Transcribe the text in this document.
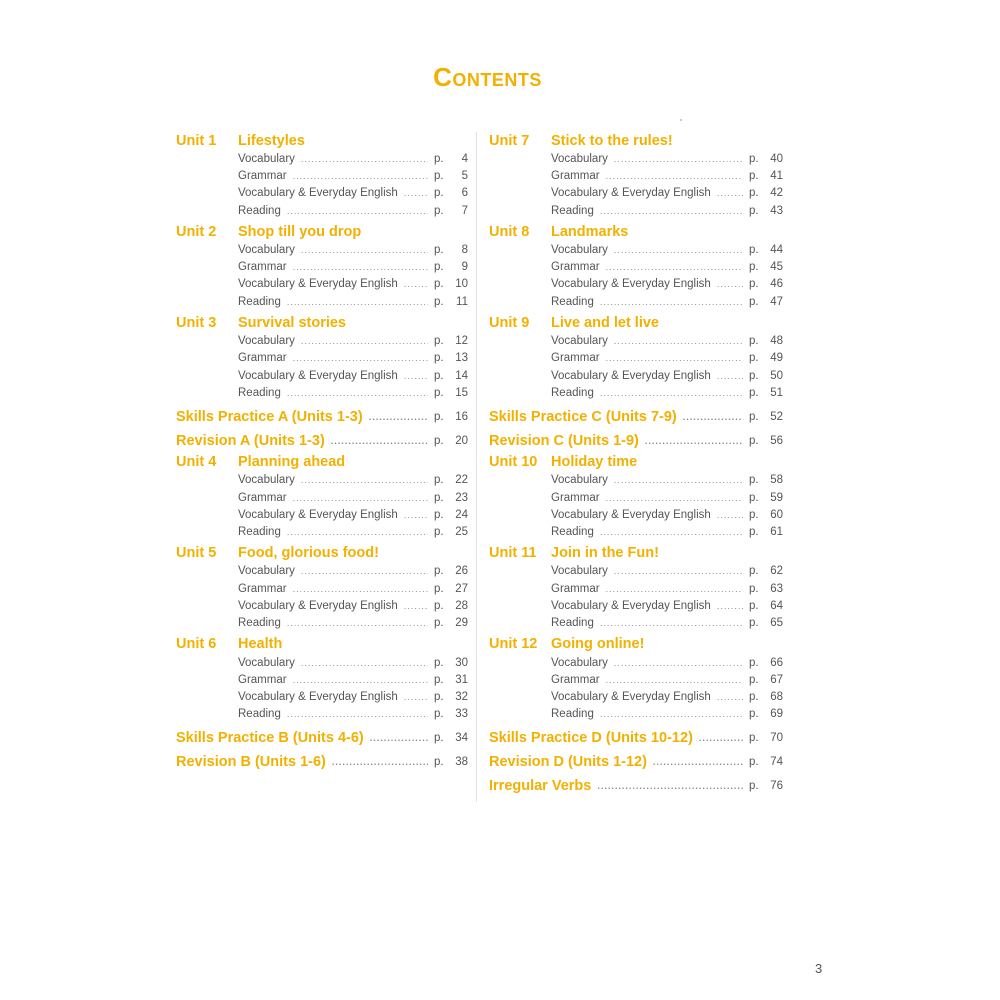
Contents
Unit 1	Lifestyles
Vocabulary .....	p.	4
Grammar .....	p.	5
Vocabulary & Everyday English .....	p.	6
Reading .....	p.	7
Unit 2	Shop till you drop
Vocabulary .....	p.	8
Grammar .....	p.	9
Vocabulary & Everyday English .....	p.	10
Reading .....	p.	11
Unit 3	Survival stories
Vocabulary .....	p.	12
Grammar .....	p.	13
Vocabulary & Everyday English .....	p.	14
Reading .....	p.	15
Skills Practice A (Units 1-3) .....	p.	16
Revision A (Units 1-3) .....	p.	20
Unit 4	Planning ahead
Vocabulary .....	p.	22
Grammar .....	p.	23
Vocabulary & Everyday English .....	p.	24
Reading .....	p.	25
Unit 5	Food, glorious food!
Vocabulary .....	p.	26
Grammar .....	p.	27
Vocabulary & Everyday English .....	p.	28
Reading .....	p.	29
Unit 6	Health
Vocabulary .....	p.	30
Grammar .....	p.	31
Vocabulary & Everyday English .....	p.	32
Reading .....	p.	33
Skills Practice B (Units 4-6) .....	p.	34
Revision B (Units 1-6) .....	p.	38
Unit 7	Stick to the rules!
Vocabulary .....	p.	40
Grammar .....	p.	41
Vocabulary & Everyday English .....	p.	42
Reading .....	p.	43
Unit 8	Landmarks
Vocabulary .....	p.	44
Grammar .....	p.	45
Vocabulary & Everyday English .....	p.	46
Reading .....	p.	47
Unit 9	Live and let live
Vocabulary .....	p.	48
Grammar .....	p.	49
Vocabulary & Everyday English .....	p.	50
Reading .....	p.	51
Skills Practice C (Units 7-9) .....	p.	52
Revision C (Units 1-9) .....	p.	56
Unit 10 Holiday time
Vocabulary .....	p.	58
Grammar .....	p.	59
Vocabulary & Everyday English .....	p.	60
Reading .....	p.	61
Unit 11 Join in the Fun!
Vocabulary .....	p.	62
Grammar .....	p.	63
Vocabulary & Everyday English .....	p.	64
Reading .....	p.	65
Unit 12 Going online!
Vocabulary .....	p.	66
Grammar .....	p.	67
Vocabulary & Everyday English .....	p.	68
Reading .....	p.	69
Skills Practice D (Units 10-12) .....	p.	70
Revision D (Units 1-12) .....	p.	74
Irregular Verbs .....	p.	76
3
